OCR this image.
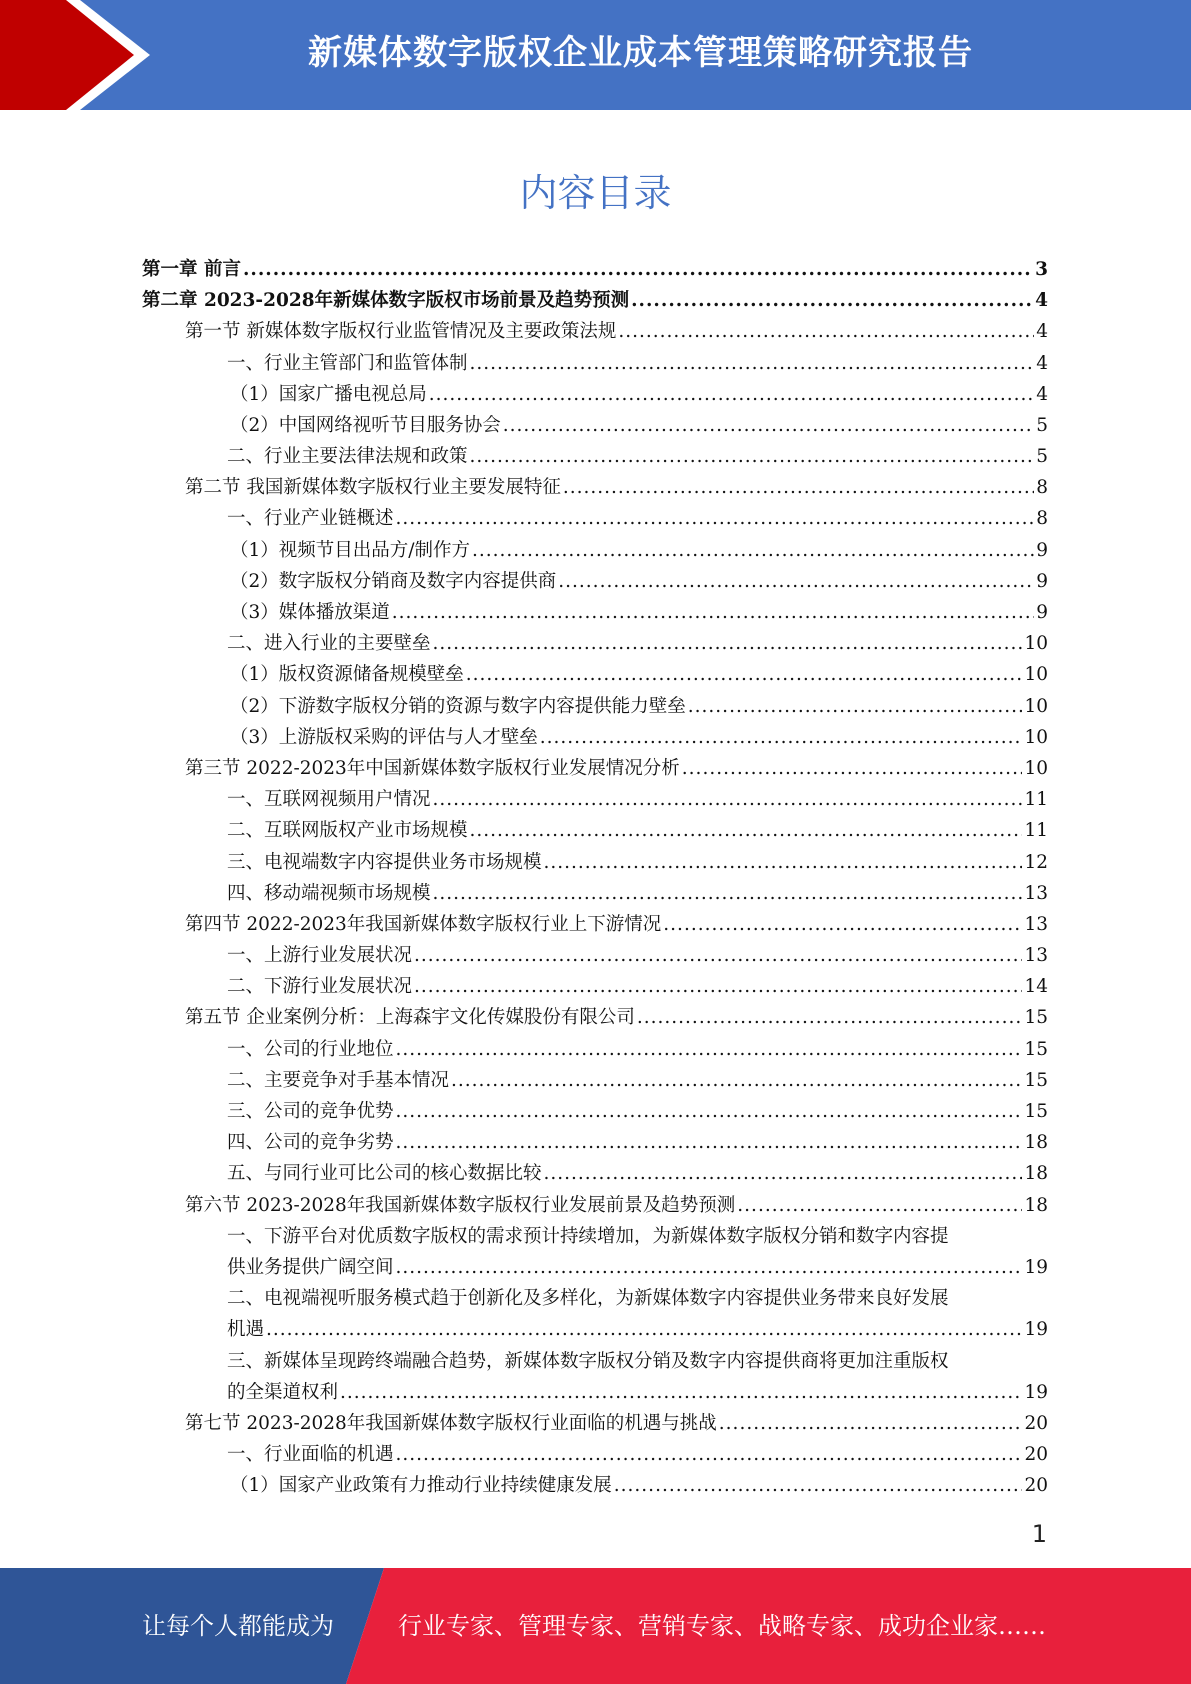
新媒体数字版权企业成本管理策略研究报告
内容目录
第一章 前言 .....	3
第二章 2023-2028年新媒体数字版权市场前景及趋势预测 .....	4
第一节 新媒体数字版权行业监管情况及主要政策法规 .....	4
一、行业主管部门和监管体制 .....	4
（1）国家广播电视总局 .....	4
（2）中国网络视听节目服务协会 .....	5
二、行业主要法律法规和政策 .....	5
第二节 我国新媒体数字版权行业主要发展特征 .....	8
一、行业产业链概述 .....	8
（1）视频节目出品方/制作方 .....	9
（2）数字版权分销商及数字内容提供商 .....	9
（3）媒体播放渠道 .....	9
二、进入行业的主要壁垒 .....	10
（1）版权资源储备规模壁垒 .....	10
（2）下游数字版权分销的资源与数字内容提供能力壁垒 .....	10
（3）上游版权采购的评估与人才壁垒 .....	10
第三节 2022-2023年中国新媒体数字版权行业发展情况分析 .....	10
一、互联网视频用户情况 .....	11
二、互联网版权产业市场规模 .....	11
三、电视端数字内容提供业务市场规模 .....	12
四、移动端视频市场规模 .....	13
第四节 2022-2023年我国新媒体数字版权行业上下游情况 .....	13
一、上游行业发展状况 .....	13
二、下游行业发展状况 .....	14
第五节 企业案例分析：上海森宇文化传媒股份有限公司 .....	15
一、公司的行业地位 .....	15
二、主要竞争对手基本情况 .....	15
三、公司的竞争优势 .....	15
四、公司的竞争劣势 .....	18
五、与同行业可比公司的核心数据比较 .....	18
第六节 2023-2028年我国新媒体数字版权行业发展前景及趋势预测 .....	18
一、下游平台对优质数字版权的需求预计持续增加，为新媒体数字版权分销和数字内容提
供业务提供广阔空间 .....	19
二、电视端视听服务模式趋于创新化及多样化，为新媒体数字内容提供业务带来良好发展
机遇 .....	19
三、新媒体呈现跨终端融合趋势，新媒体数字版权分销及数字内容提供商将更加注重版权
的全渠道权利 .....	19
第七节 2023-2028年我国新媒体数字版权行业面临的机遇与挑战 .....	20
一、行业面临的机遇 .....	20
（1）国家产业政策有力推动行业持续健康发展 .....	20
1
让每个人都能成为	行业专家、管理专家、营销专家、战略专家、成功企业家……
